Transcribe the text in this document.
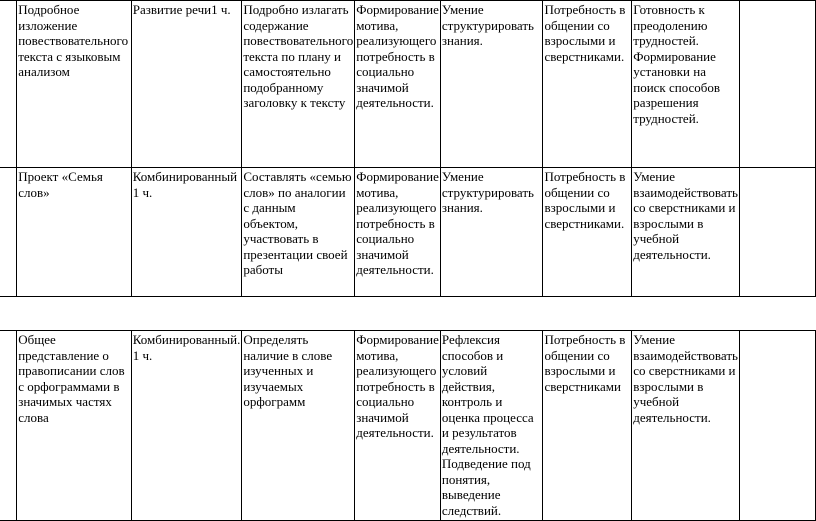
	Подробное изложение повествовательного текста с языковым анализом	Развитие речи1 ч.	Подробно излагать содержание повествовательного текста по плану и самостоятельно подобранному заголовку к тексту	Формирование мотива, реализующего потребность в социально значимой деятельности.	Умение структурировать знания.	Потребность в общении со взрослыми и сверстниками.	Готовность к преодолению трудностей. Формирование установки на поиск способов разрешения трудностей.	
	Проект «Семья слов»	Комбинированный 1 ч.	Составлять «семью слов» по аналогии с данным объектом, участвовать в презентации своей работы	Формирование мотива, реализующего потребность в социально значимой деятельности.	Умение структурировать знания.	Потребность в общении со взрослыми и сверстниками.	Умение взаимодействовать со сверстниками и взрослыми в учебной деятельности.	

	Общее представление о правописании слов с орфограммами в значимых частях слова	Комбинированный. 1 ч.	Определять наличие в слове изученных и изучаемых орфограмм	Формирование мотива, реализующего потребность в социально значимой деятельности.	Рефлексия способов и условий действия, контроль и оценка процесса и результатов деятельности. Подведение под понятия, выведение следствий.	Потребность в общении со взрослыми и сверстниками	Умение взаимодействовать со сверстниками и взрослыми в учебной деятельности.	
